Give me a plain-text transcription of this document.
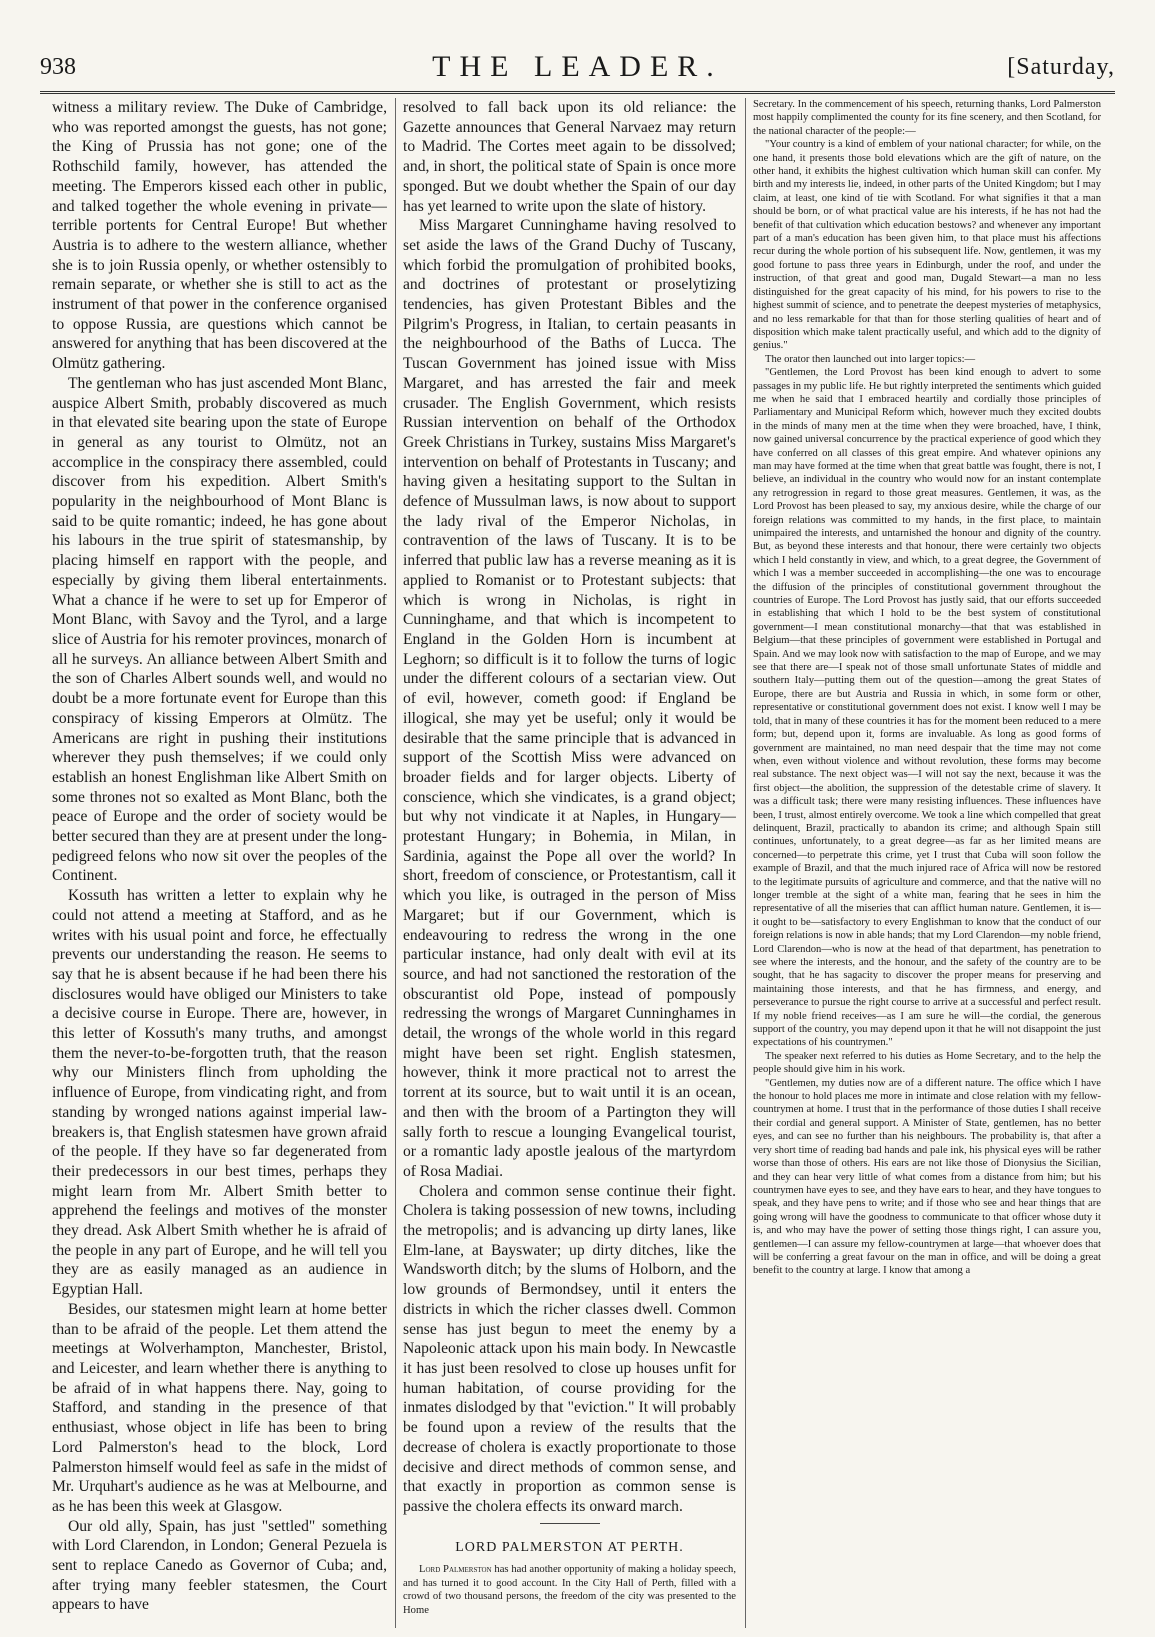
THE LEADER.
938	[Saturday,

witness a military review. The Duke of Cambridge, who was reported amongst the guests, has not gone; the King of Prussia has not gone; one of the Rothschild family, however, has attended the meeting. The Emperors kissed each other in public, and talked together the whole evening in private—terrible portents for Central Europe! But whether Austria is to adhere to the western alliance, whether she is to join Russia openly, or whether ostensibly to remain separate, or whether she is still to act as the instrument of that power in the conference organised to oppose Russia, are questions which cannot be answered for anything that has been discovered at the Olmütz gathering.

The gentleman who has just ascended Mont Blanc, auspice Albert Smith, probably discovered as much in that elevated site bearing upon the state of Europe in general as any tourist to Olmütz, not an accomplice in the conspiracy there assembled, could discover from his expedition. Albert Smith's popularity in the neighbourhood of Mont Blanc is said to be quite romantic; indeed, he has gone about his labours in the true spirit of statesmanship, by placing himself en rapport with the people, and especially by giving them liberal entertainments. What a chance if he were to set up for Emperor of Mont Blanc, with Savoy and the Tyrol, and a large slice of Austria for his remoter provinces, monarch of all he surveys. An alliance between Albert Smith and the son of Charles Albert sounds well, and would no doubt be a more fortunate event for Europe than this conspiracy of kissing Emperors at Olmütz. The Americans are right in pushing their institutions wherever they push themselves; if we could only establish an honest Englishman like Albert Smith on some thrones not so exalted as Mont Blanc, both the peace of Europe and the order of society would be better secured than they are at present under the long-pedigreed felons who now sit over the peoples of the Continent.

Kossuth has written a letter to explain why he could not attend a meeting at Stafford, and as he writes with his usual point and force, he effectually prevents our understanding the reason. He seems to say that he is absent because if he had been there his disclosures would have obliged our Ministers to take a decisive course in Europe. There are, however, in this letter of Kossuth's many truths, and amongst them the never-to-be-forgotten truth, that the reason why our Ministers flinch from upholding the influence of Europe, from vindicating right, and from standing by wronged nations against imperial law-breakers is, that English statesmen have grown afraid of the people. If they have so far degenerated from their predecessors in our best times, perhaps they might learn from Mr. Albert Smith better to apprehend the feelings and motives of the monster they dread. Ask Albert Smith whether he is afraid of the people in any part of Europe, and he will tell you they are as easily managed as an audience in Egyptian Hall.

Besides, our statesmen might learn at home better than to be afraid of the people. Let them attend the meetings at Wolverhampton, Manchester, Bristol, and Leicester, and learn whether there is anything to be afraid of in what happens there. Nay, going to Stafford, and standing in the presence of that enthusiast, whose object in life has been to bring Lord Palmerston's head to the block, Lord Palmerston himself would feel as safe in the midst of Mr. Urquhart's audience as he was at Melbourne, and as he has been this week at Glasgow.

Our old ally, Spain, has just "settled" something with Lord Clarendon, in London; General Pezuela is sent to replace Canedo as Governor of Cuba; and, after trying many feebler statesmen, the Court appears to have

resolved to fall back upon its old reliance: the Gazette announces that General Narvaez may return to Madrid. The Cortes meet again to be dissolved; and, in short, the political state of Spain is once more sponged. But we doubt whether the Spain of our day has yet learned to write upon the slate of history.

Miss Margaret Cunninghame having resolved to set aside the laws of the Grand Duchy of Tuscany, which forbid the promulgation of prohibited books, and doctrines of protestant or proselytizing tendencies, has given Protestant Bibles and the Pilgrim's Progress, in Italian, to certain peasants in the neighbourhood of the Baths of Lucca. The Tuscan Government has joined issue with Miss Margaret, and has arrested the fair and meek crusader. The English Government, which resists Russian intervention on behalf of the Orthodox Greek Christians in Turkey, sustains Miss Margaret's intervention on behalf of Protestants in Tuscany; and having given a hesitating support to the Sultan in defence of Mussulman laws, is now about to support the lady rival of the Emperor Nicholas, in contravention of the laws of Tuscany. It is to be inferred that public law has a reverse meaning as it is applied to Romanist or to Protestant subjects: that which is wrong in Nicholas, is right in Cunninghame, and that which is incompetent to England in the Golden Horn is incumbent at Leghorn; so difficult is it to follow the turns of logic under the different colours of a sectarian view. Out of evil, however, cometh good: if England be illogical, she may yet be useful; only it would be desirable that the same principle that is advanced in support of the Scottish Miss were advanced on broader fields and for larger objects. Liberty of conscience, which she vindicates, is a grand object; but why not vindicate it at Naples, in Hungary—protestant Hungary; in Bohemia, in Milan, in Sardinia, against the Pope all over the world? In short, freedom of conscience, or Protestantism, call it which you like, is outraged in the person of Miss Margaret; but if our Government, which is endeavouring to redress the wrong in the one particular instance, had only dealt with evil at its source, and had not sanctioned the restoration of the obscurantist old Pope, instead of pompously redressing the wrongs of Margaret Cunninghames in detail, the wrongs of the whole world in this regard might have been set right. English statesmen, however, think it more practical not to arrest the torrent at its source, but to wait until it is an ocean, and then with the broom of a Partington they will sally forth to rescue a lounging Evangelical tourist, or a romantic lady apostle jealous of the martyrdom of Rosa Madiai.

Cholera and common sense continue their fight. Cholera is taking possession of new towns, including the metropolis; and is advancing up dirty lanes, like Elm-lane, at Bayswater; up dirty ditches, like the Wandsworth ditch; by the slums of Holborn, and the low grounds of Bermondsey, until it enters the districts in which the richer classes dwell. Common sense has just begun to meet the enemy by a Napoleonic attack upon his main body. In Newcastle it has just been resolved to close up houses unfit for human habitation, of course providing for the inmates dislodged by that "eviction." It will probably be found upon a review of the results that the decrease of cholera is exactly proportionate to those decisive and direct methods of common sense, and that exactly in proportion as common sense is passive the cholera effects its onward march.

LORD PALMERSTON AT PERTH.

Lord Palmerston has had another opportunity of making a holiday speech, and has turned it to good account. In the City Hall of Perth, filled with a crowd of two thousand persons, the freedom of the city was presented to the Home

Secretary. In the commencement of his speech, returning thanks, Lord Palmerston most happily complimented the county for its fine scenery, and then Scotland, for the national character of the people:—

"Your country is a kind of emblem of your national character; for while, on the one hand, it presents those bold elevations which are the gift of nature, on the other hand, it exhibits the highest cultivation which human skill can confer. My birth and my interests lie, indeed, in other parts of the United Kingdom; but I may claim, at least, one kind of tie with Scotland. For what signifies it that a man should be born, or of what practical value are his interests, if he has not had the benefit of that cultivation which education bestows? and whenever any important part of a man's education has been given him, to that place must his affections recur during the whole portion of his subsequent life. Now, gentlemen, it was my good fortune to pass three years in Edinburgh, under the roof, and under the instruction, of that great and good man, Dugald Stewart—a man no less distinguished for the great capacity of his mind, for his powers to rise to the highest summit of science, and to penetrate the deepest mysteries of metaphysics, and no less remarkable for that than for those sterling qualities of heart and of disposition which make talent practically useful, and which add to the dignity of genius."

The orator then launched out into larger topics:—

"Gentlemen, the Lord Provost has been kind enough to advert to some passages in my public life. He but rightly interpreted the sentiments which guided me when he said that I embraced heartily and cordially those principles of Parliamentary and Municipal Reform which, however much they excited doubts in the minds of many men at the time when they were broached, have, I think, now gained universal concurrence by the practical experience of good which they have conferred on all classes of this great empire. And whatever opinions any man may have formed at the time when that great battle was fought, there is not, I believe, an individual in the country who would now for an instant contemplate any retrogression in regard to those great measures. Gentlemen, it was, as the Lord Provost has been pleased to say, my anxious desire, while the charge of our foreign relations was committed to my hands, in the first place, to maintain unimpaired the interests, and untarnished the honour and dignity of the country. But, as beyond these interests and that honour, there were certainly two objects which I held constantly in view, and which, to a great degree, the Government of which I was a member succeeded in accomplishing—the one was to encourage the diffusion of the principles of constitutional government throughout the countries of Europe. The Lord Provost has justly said, that our efforts succeeded in establishing that which I hold to be the best system of constitutional government—I mean constitutional monarchy—that that was established in Belgium—that these principles of government were established in Portugal and Spain. And we may look now with satisfaction to the map of Europe, and we may see that there are—I speak not of those small unfortunate States of middle and southern Italy—putting them out of the question—among the great States of Europe, there are but Austria and Russia in which, in some form or other, representative or constitutional government does not exist. I know well I may be told, that in many of these countries it has for the moment been reduced to a mere form; but, depend upon it, forms are invaluable. As long as good forms of government are maintained, no man need despair that the time may not come when, even without violence and without revolution, these forms may become real substance. The next object was—I will not say the next, because it was the first object—the abolition, the suppression of the detestable crime of slavery. It was a difficult task; there were many resisting influences. These influences have been, I trust, almost entirely overcome. We took a line which compelled that great delinquent, Brazil, practically to abandon its crime; and although Spain still continues, unfortunately, to a great degree—as far as her limited means are concerned—to perpetrate this crime, yet I trust that Cuba will soon follow the example of Brazil, and that the much injured race of Africa will now be restored to the legitimate pursuits of agriculture and commerce, and that the native will no longer tremble at the sight of a white man, fearing that he sees in him the representative of all the miseries that can afflict human nature. Gentlemen, it is—it ought to be—satisfactory to every Englishman to know that the conduct of our foreign relations is now in able hands; that my Lord Clarendon—my noble friend, Lord Clarendon—who is now at the head of that department, has penetration to see where the interests, and the honour, and the safety of the country are to be sought, that he has sagacity to discover the proper means for preserving and maintaining those interests, and that he has firmness, and energy, and perseverance to pursue the right course to arrive at a successful and perfect result. If my noble friend receives—as I am sure he will—the cordial, the generous support of the country, you may depend upon it that he will not disappoint the just expectations of his countrymen."

The speaker next referred to his duties as Home Secretary, and to the help the people should give him in his work.

"Gentlemen, my duties now are of a different nature. The office which I have the honour to hold places me more in intimate and close relation with my fellow-countrymen at home. I trust that in the performance of those duties I shall receive their cordial and general support. A Minister of State, gentlemen, has no better eyes, and can see no further than his neighbours. The probability is, that after a very short time of reading bad hands and pale ink, his physical eyes will be rather worse than those of others. His ears are not like those of Dionysius the Sicilian, and they can hear very little of what comes from a distance from him; but his countrymen have eyes to see, and they have ears to hear, and they have tongues to speak, and they have pens to write; and if those who see and hear things that are going wrong will have the goodness to communicate to that officer whose duty it is, and who may have the power of setting those things right, I can assure you, gentlemen—I can assure my fellow-countrymen at large—that whoever does that will be conferring a great favour on the man in office, and will be doing a great benefit to the country at large. I know that among a
